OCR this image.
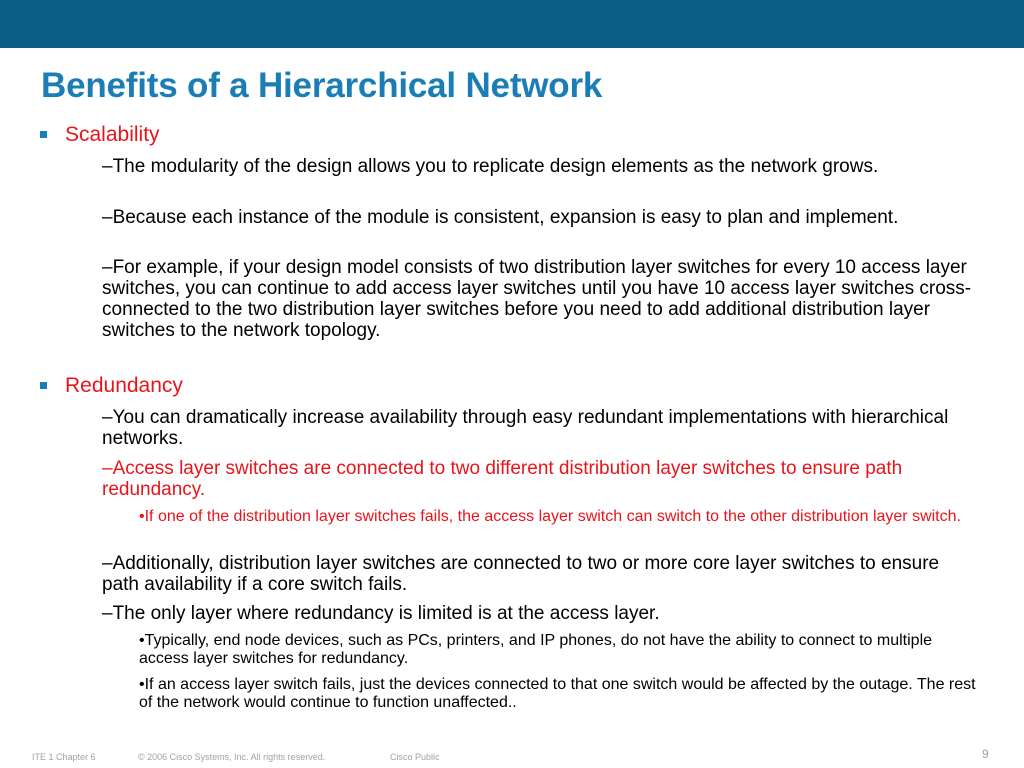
Benefits of a Hierarchical Network
Scalability
–The modularity of the design allows you to replicate design elements as the network grows.
–Because each instance of the module is consistent, expansion is easy to plan and implement.
–For example, if your design model consists of two distribution layer switches for every 10 access layer switches, you can continue to add access layer switches until you have 10 access layer switches cross-connected to the two distribution layer switches before you need to add additional distribution layer switches to the network topology.
Redundancy
–You can dramatically increase availability through easy redundant implementations with hierarchical networks.
–Access layer switches are connected to two different distribution layer switches to ensure path redundancy.
•If one of the distribution layer switches fails, the access layer switch can switch to the other distribution layer switch.
–Additionally, distribution layer switches are connected to two or more core layer switches to ensure path availability if a core switch fails.
–The only layer where redundancy is limited is at the access layer.
•Typically, end node devices, such as PCs, printers, and IP phones, do not have the ability to connect to multiple access layer switches for redundancy.
•If an access layer switch fails, just the devices connected to that one switch would be affected by the outage. The rest of the network would continue to function unaffected..
ITE 1 Chapter 6	© 2006 Cisco Systems, Inc. All rights reserved.	Cisco Public	9
